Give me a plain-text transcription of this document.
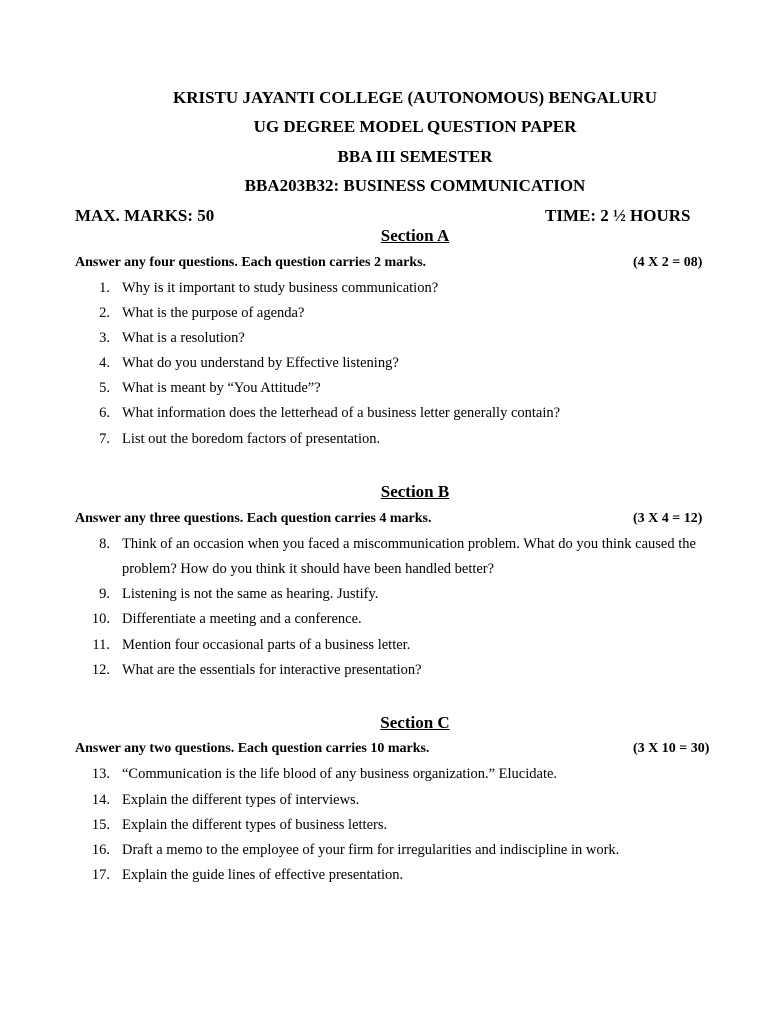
KRISTU JAYANTI COLLEGE (AUTONOMOUS) BENGALURU
UG DEGREE MODEL QUESTION PAPER
BBA III SEMESTER
BBA203B32: BUSINESS COMMUNICATION
MAX. MARKS: 50	TIME: 2 ½ HOURS
Section A
Answer any four questions. Each question carries 2 marks.	(4 X 2 = 08)
1. Why is it important to study business communication?
2. What is the purpose of agenda?
3. What is a resolution?
4. What do you understand by Effective listening?
5. What is meant by “You Attitude”?
6. What information does the letterhead of a business letter generally contain?
7. List out the boredom factors of presentation.
Section B
Answer any three questions. Each question carries 4 marks.	(3 X 4 = 12)
8. Think of an occasion when you faced a miscommunication problem. What do you think caused the
problem? How do you think it should have been handled better?
9. Listening is not the same as hearing. Justify.
10. Differentiate a meeting and a conference.
11. Mention four occasional parts of a business letter.
12. What are the essentials for interactive presentation?
Section C
Answer any two questions. Each question carries 10 marks.	(3 X 10 = 30)
13. “Communication is the life blood of any business organization.” Elucidate.
14. Explain the different types of interviews.
15. Explain the different types of business letters.
16. Draft a memo to the employee of your firm for irregularities and indiscipline in work.
17. Explain the guide lines of effective presentation.
